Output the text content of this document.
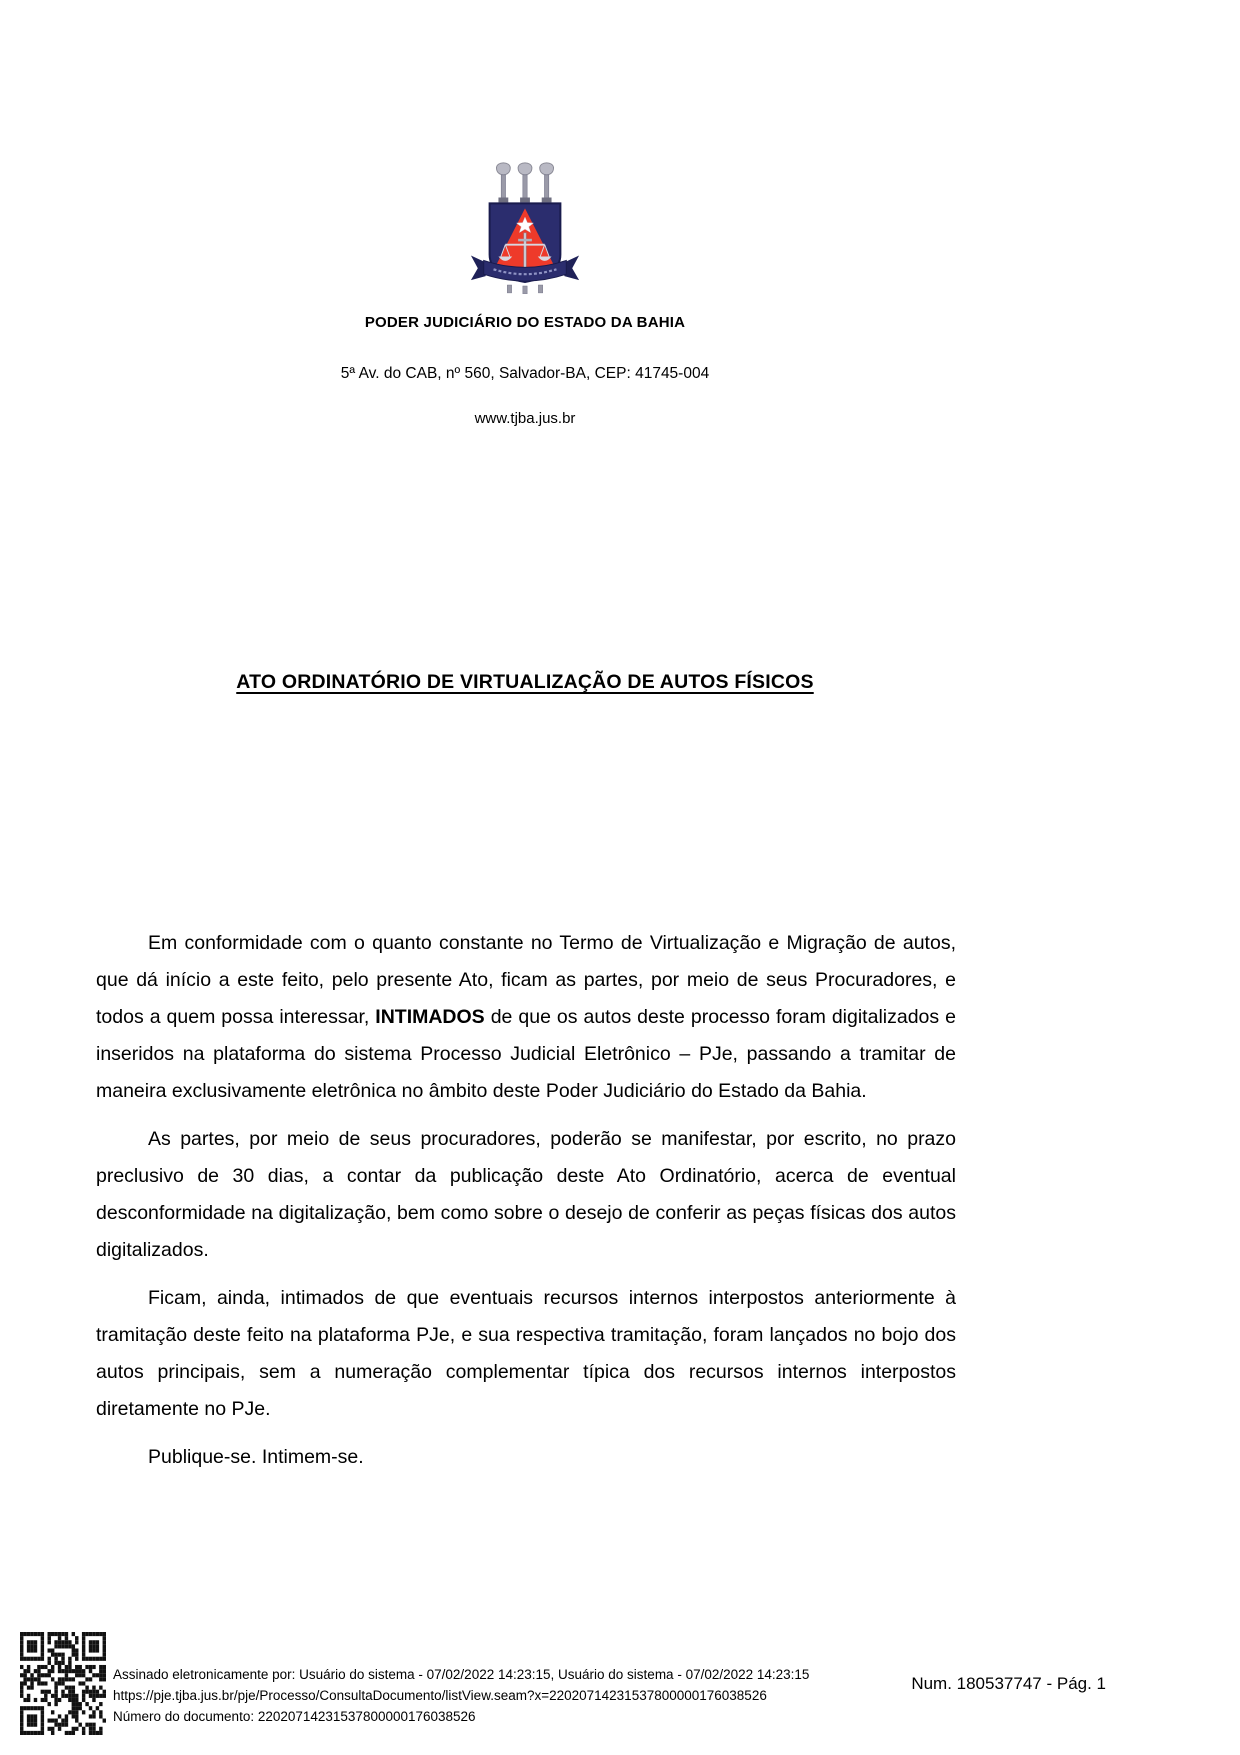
PODER JUDICIÁRIO DO ESTADO DA BAHIA
5ª Av. do CAB, nº 560, Salvador-BA, CEP: 41745-004
www.tjba.jus.br
ATO ORDINATÓRIO DE VIRTUALIZAÇÃO DE AUTOS FÍSICOS

Em conformidade com o quanto constante no Termo de Virtualização e Migração de autos, que dá início a este feito, pelo presente Ato, ficam as partes, por meio de seus Procuradores, e todos a quem possa interessar, INTIMADOS de que os autos deste processo foram digitalizados e inseridos na plataforma do sistema Processo Judicial Eletrônico – PJe, passando a tramitar de maneira exclusivamente eletrônica no âmbito deste Poder Judiciário do Estado da Bahia.

As partes, por meio de seus procuradores, poderão se manifestar, por escrito, no prazo preclusivo de 30 dias, a contar da publicação deste Ato Ordinatório, acerca de eventual desconformidade na digitalização, bem como sobre o desejo de conferir as peças físicas dos autos digitalizados.

Ficam, ainda, intimados de que eventuais recursos internos interpostos anteriormente à tramitação deste feito na plataforma PJe, e sua respectiva tramitação, foram lançados no bojo dos autos principais, sem a numeração complementar típica dos recursos internos interpostos diretamente no PJe.

Publique-se. Intimem-se.

Assinado eletronicamente por: Usuário do sistema - 07/02/2022 14:23:15, Usuário do sistema - 07/02/2022 14:23:15
https://pje.tjba.jus.br/pje/Processo/ConsultaDocumento/listView.seam?x=22020714231537800000176038526
Número do documento: 22020714231537800000176038526
Num. 180537747 - Pág. 1
